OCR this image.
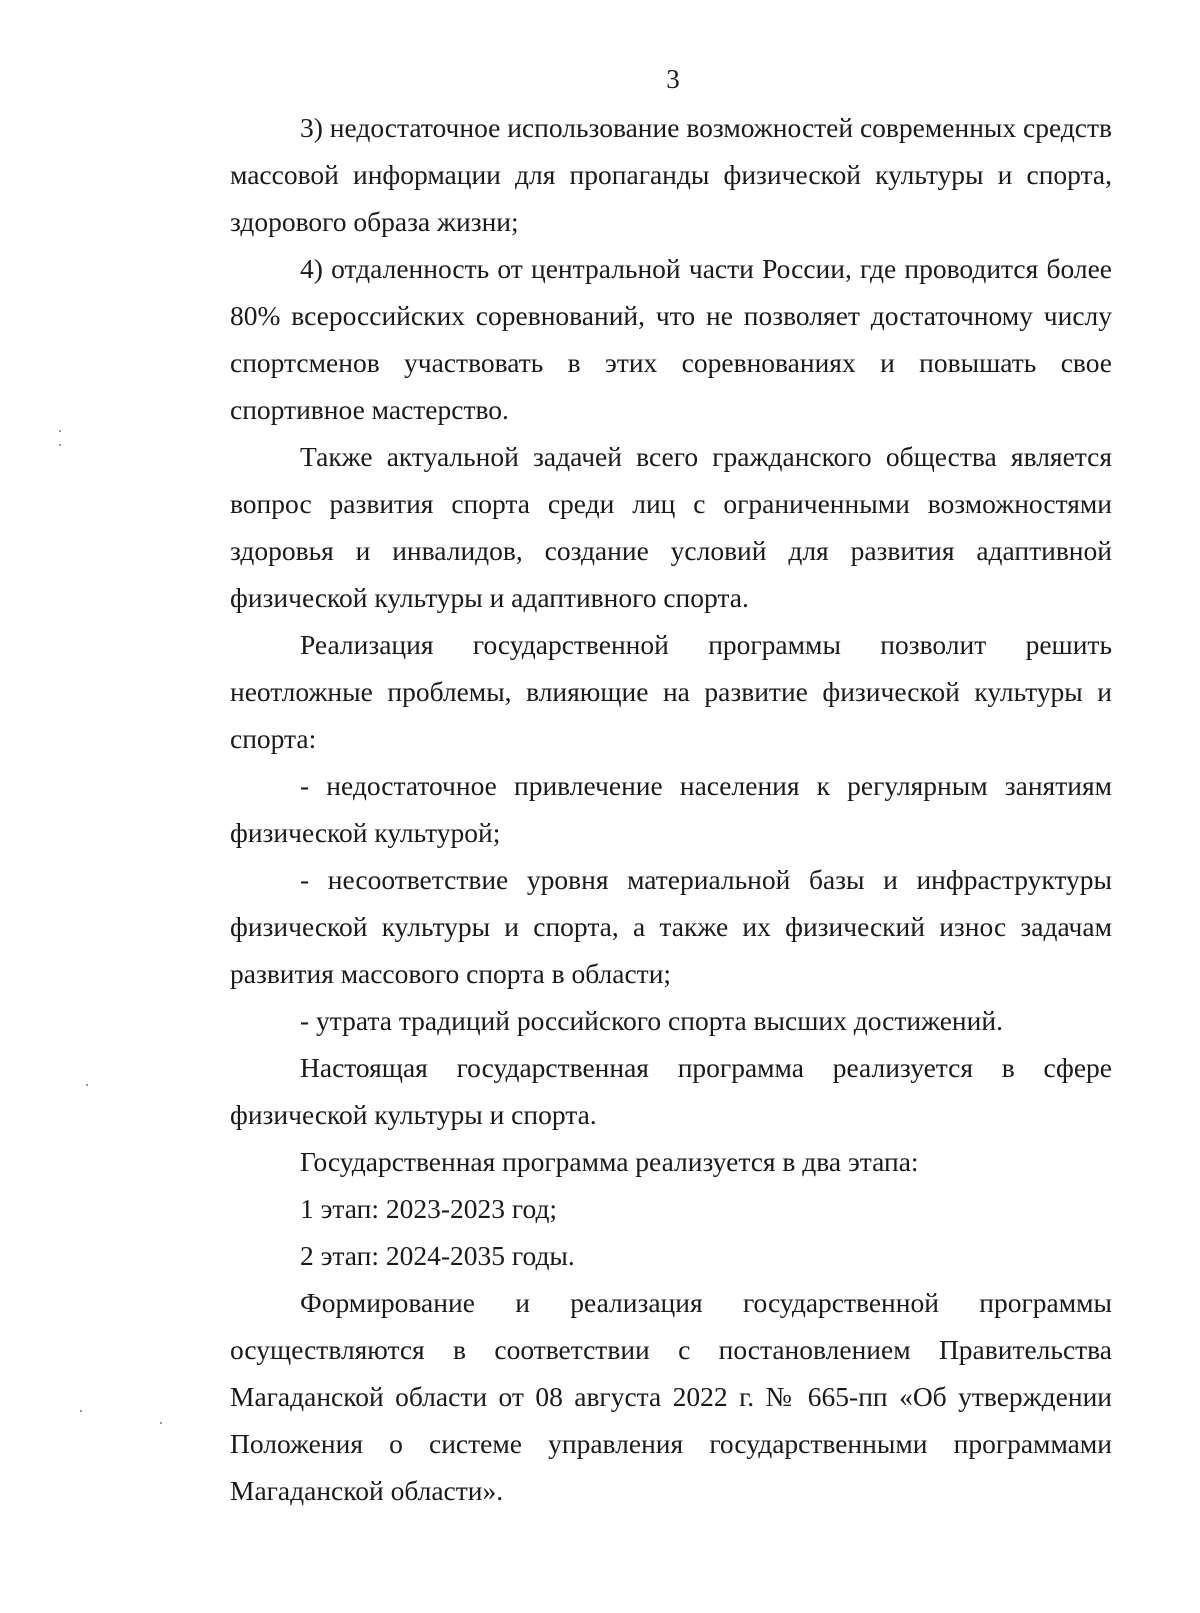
3

3) недостаточное использование возможностей современных средств массовой информации для пропаганды физической культуры и спорта, здорового образа жизни;

4) отдаленность от центральной части России, где проводится более 80% всероссийских соревнований, что не позволяет достаточному числу спортсменов участвовать в этих соревнованиях и повышать свое спортивное мастерство.

Также актуальной задачей всего гражданского общества является вопрос развития спорта среди лиц с ограниченными возможностями здоровья и инвалидов, создание условий для развития адаптивной физической культуры и адаптивного спорта.

Реализация государственной программы позволит решить неотложные проблемы, влияющие на развитие физической культуры и спорта:

- недостаточное привлечение населения к регулярным занятиям физической культурой;

- несоответствие уровня материальной базы и инфраструктуры физической культуры и спорта, а также их физический износ задачам развития массового спорта в области;

- утрата традиций российского спорта высших достижений.

Настоящая государственная программа реализуется в сфере физической культуры и спорта.

Государственная программа реализуется в два этапа:

1 этап: 2023-2023 год;

2 этап: 2024-2035 годы.

Формирование и реализация государственной программы осуществляются в соответствии с постановлением Правительства Магаданской области от 08 августа 2022 г. № 665-пп «Об утверждении Положения о системе управления государственными программами Магаданской области».
